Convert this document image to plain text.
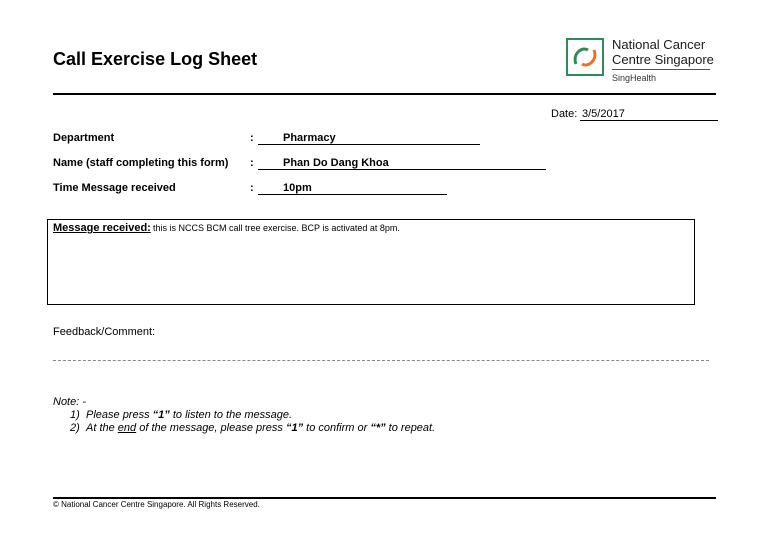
Call Exercise Log Sheet
National Cancer
Centre Singapore
SingHealth
Date: 3/5/2017
Department	:	Pharmacy
Name (staff completing this form) :	Phan Do Dang Khoa
Time Message received	:	10pm
Message received: this is NCCS BCM call tree exercise. BCP is activated at 8pm.
Feedback/Comment:
Note: -
1) Please press “1” to listen to the message.
2) At the end of the message, please press “1” to confirm or “*” to repeat.
© National Cancer Centre Singapore. All Rights Reserved.
